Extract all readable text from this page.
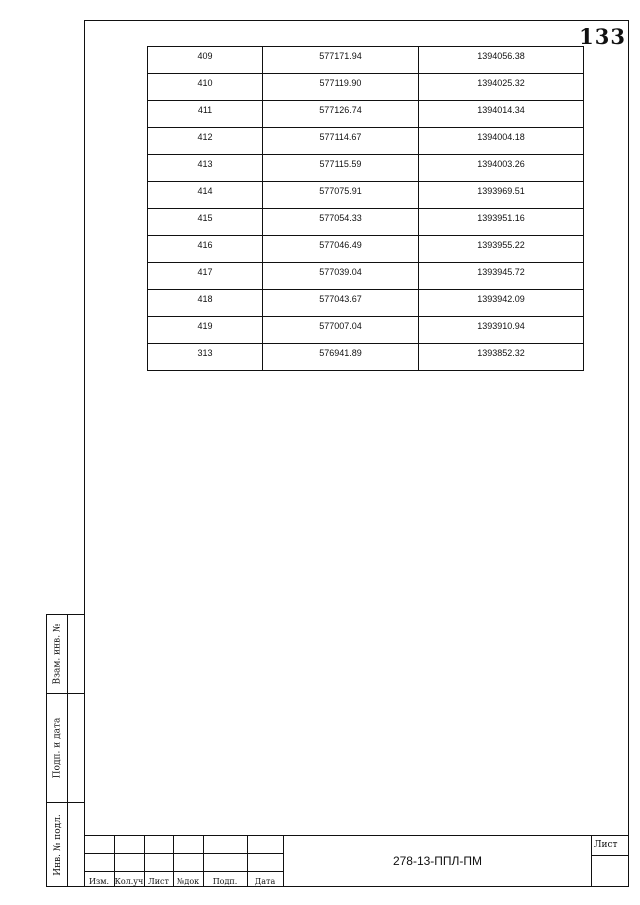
133
409	577171.94	1394056.38
410	577119.90	1394025.32
411	577126.74	1394014.34
412	577114.67	1394004.18
413	577115.59	1394003.26
414	577075.91	1393969.51
415	577054.33	1393951.16
416	577046.49	1393955.22
417	577039.04	1393945.72
418	577043.67	1393942.09
419	577007.04	1393910.94
313	576941.89	1393852.32
Взам. инв. №
Подп. и дата
Инв. № подл.
Изм. Кол.уч Лист №док	Подп.	Дата
278-13-ППЛ-ПМ
Лист
